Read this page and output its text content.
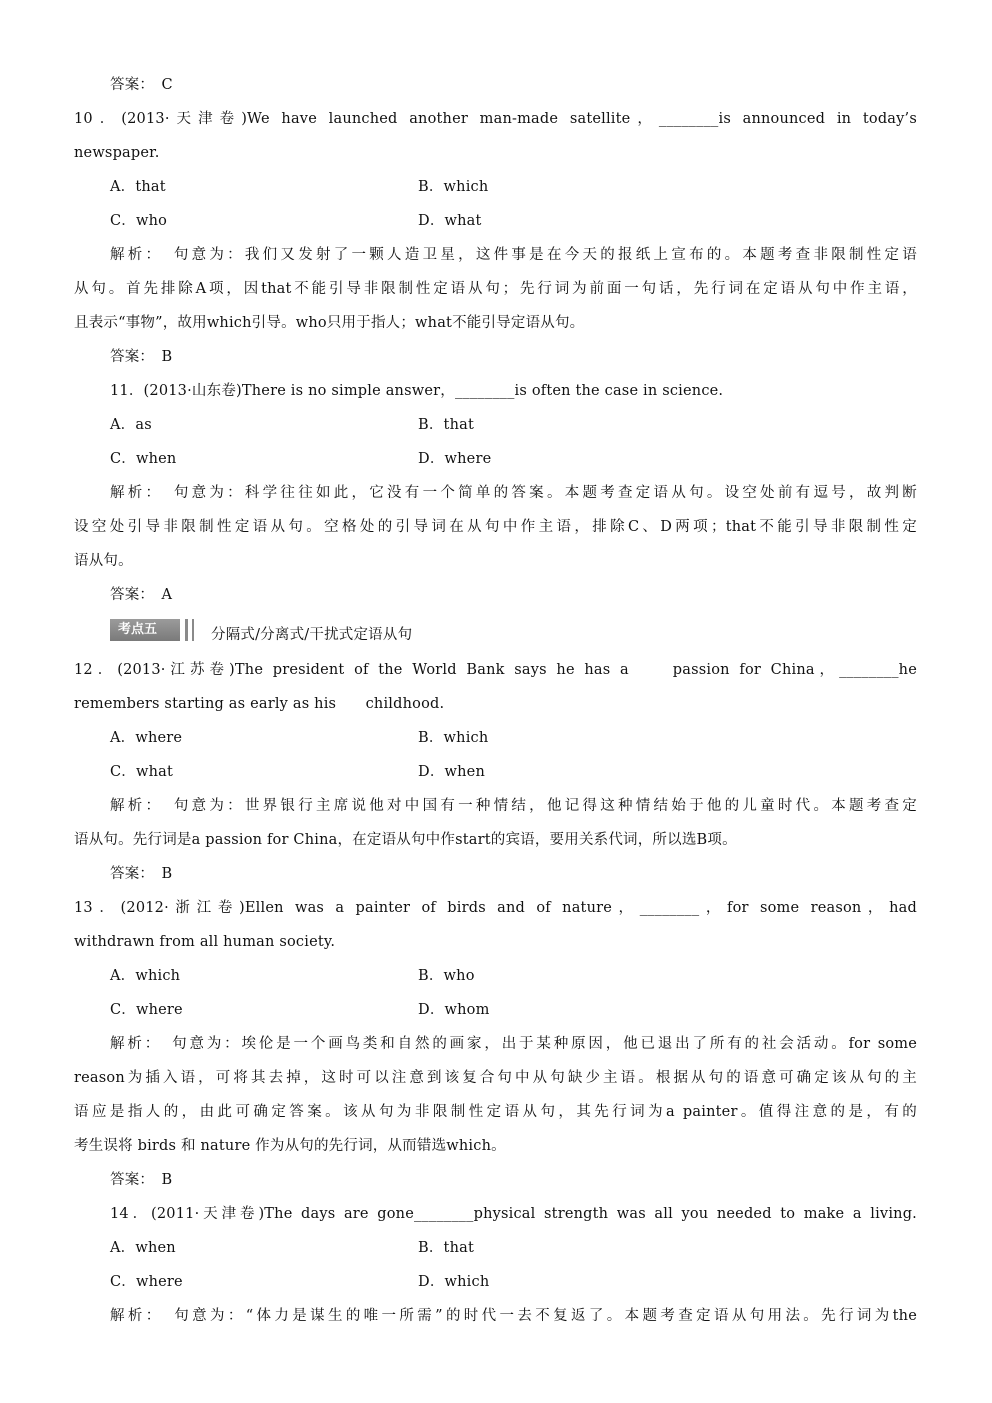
答案：　C
10．(2013·天津卷)We have launched another man-made satellite，________is announced in today’s
newspaper.
A．that	B．which
C．who	D．what
解析：　句意为：我们又发射了一颗人造卫星，这件事是在今天的报纸上宣布的。本题考查非限制性定语
从句。首先排除A项，因that不能引导非限制性定语从句；先行词为前面一句话，先行词在定语从句中作主语，
且表示“事物”，故用which引导。who只用于指人；what不能引导定语从句。
答案：　B
11．(2013·山东卷)There is no simple answer，________is often the case in science.
A．as	B．that
C．when	D．where
解析：　句意为：科学往往如此，它没有一个简单的答案。本题考查定语从句。设空处前有逗号，故判断
设空处引导非限制性定语从句。空格处的引导词在从句中作主语，排除C、D两项；that不能引导非限制性定
语从句。
答案：　A
考点五	分隔式/分离式/干扰式定语从句
12．(2013·江苏卷)The president of the World Bank says he has a　　passion for China，________he
remembers starting as early as his　　childhood.
A．where	B．which
C．what	D．when
解析：　句意为：世界银行主席说他对中国有一种情结，他记得这种情结始于他的儿童时代。本题考查定
语从句。先行词是a passion for China，在定语从句中作start的宾语，要用关系代词，所以选B项。
答案：　B
13．(2012·浙江卷)Ellen was a painter of birds and of nature，________，for some reason，had
withdrawn from all human society.
A．which	B．who
C．where	D．whom
解析：　句意为：埃伦是一个画鸟类和自然的画家，出于某种原因，他已退出了所有的社会活动。for some
reason为插入语，可将其去掉，这时可以注意到该复合句中从句缺少主语。根据从句的语意可确定该从句的主
语应是指人的，由此可确定答案。该从句为非限制性定语从句，其先行词为a painter。值得注意的是，有的
考生误将 birds 和 nature 作为从句的先行词，从而错选which。
答案：　B
14．(2011·天津卷)The days are gone________physical strength was all you needed to make a living.
A．when	B．that
C．where	D．which
解析：　句意为：“体力是谋生的唯一所需”的时代一去不复返了。本题考查定语从句用法。先行词为the
